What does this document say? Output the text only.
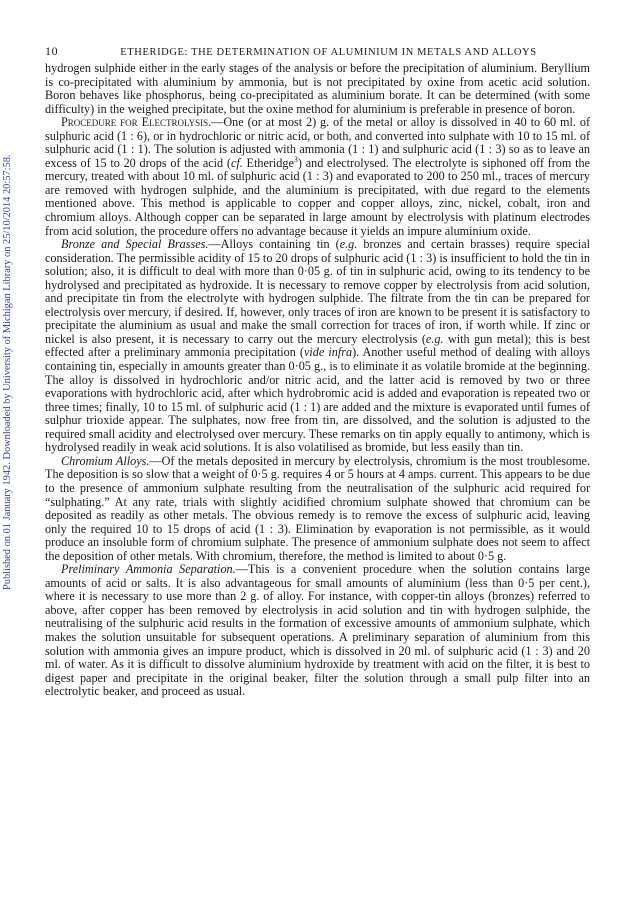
Published on 01 January 1942. Downloaded by University of Michigan Library on 25/10/2014 20:57:58.
10	ETHERIDGE: THE DETERMINATION OF ALUMINIUM IN METALS AND ALLOYS

hydrogen sulphide either in the early stages of the analysis or before the precipitation of aluminium. Beryllium is co-precipitated with aluminium by ammonia, but is not precipitated by oxine from acetic acid solution. Boron behaves like phosphorus, being co-precipitated as aluminium borate. It can be determined (with some difficulty) in the weighed precipitate, but the oxine method for aluminium is preferable in presence of boron.

Procedure for Electrolysis.—One (or at most 2) g. of the metal or alloy is dissolved in 40 to 60 ml. of sulphuric acid (1 : 6), or in hydrochloric or nitric acid, or both, and converted into sulphate with 10 to 15 ml. of sulphuric acid (1 : 1). The solution is adjusted with ammonia (1 : 1) and sulphuric acid (1 : 3) so as to leave an excess of 15 to 20 drops of the acid (cf. Etheridge$^3$) and electrolysed. The electrolyte is siphoned off from the mercury, treated with about 10 ml. of sulphuric acid (1 : 3) and evaporated to 200 to 250 ml., traces of mercury are removed with hydrogen sulphide, and the aluminium is precipitated, with due regard to the elements mentioned above. This method is applicable to copper and copper alloys, zinc, nickel, cobalt, iron and chromium alloys. Although copper can be separated in large amount by electrolysis with platinum electrodes from acid solution, the procedure offers no advantage because it yields an impure aluminium oxide.

Bronze and Special Brasses.—Alloys containing tin (e.g. bronzes and certain brasses) require special consideration. The permissible acidity of 15 to 20 drops of sulphuric acid (1 : 3) is insufficient to hold the tin in solution; also, it is difficult to deal with more than 0·05 g. of tin in sulphuric acid, owing to its tendency to be hydrolysed and precipitated as hydroxide. It is necessary to remove copper by electrolysis from acid solution, and precipitate tin from the electrolyte with hydrogen sulphide. The filtrate from the tin can be prepared for electrolysis over mercury, if desired. If, however, only traces of iron are known to be present it is satisfactory to precipitate the aluminium as usual and make the small correction for traces of iron, if worth while. If zinc or nickel is also present, it is necessary to carry out the mercury electrolysis (e.g. with gun metal); this is best effected after a preliminary ammonia precipitation (vide infra). Another useful method of dealing with alloys containing tin, especially in amounts greater than 0·05 g., is to eliminate it as volatile bromide at the beginning. The alloy is dissolved in hydrochloric and/or nitric acid, and the latter acid is removed by two or three evaporations with hydrochloric acid, after which hydrobromic acid is added and evaporation is repeated two or three times; finally, 10 to 15 ml. of sulphuric acid (1 : 1) are added and the mixture is evaporated until fumes of sulphur trioxide appear. The sulphates, now free from tin, are dissolved, and the solution is adjusted to the required small acidity and electrolysed over mercury. These remarks on tin apply equally to antimony, which is hydrolysed readily in weak acid solutions. It is also volatilised as bromide, but less easily than tin.

Chromium Alloys.—Of the metals deposited in mercury by electrolysis, chromium is the most troublesome. The deposition is so slow that a weight of 0·5 g. requires 4 or 5 hours at 4 amps. current. This appears to be due to the presence of ammonium sulphate resulting from the neutralisation of the sulphuric acid required for “sulphating.” At any rate, trials with slightly acidified chromium sulphate showed that chromium can be deposited as readily as other metals. The obvious remedy is to remove the excess of sulphuric acid, leaving only the required 10 to 15 drops of acid (1 : 3). Elimination by evaporation is not permissible, as it would produce an insoluble form of chromium sulphate. The presence of ammonium sulphate does not seem to affect the deposition of other metals. With chromium, therefore, the method is limited to about 0·5 g.

Preliminary Ammonia Separation.—This is a convenient procedure when the solution contains large amounts of acid or salts. It is also advantageous for small amounts of aluminium (less than 0·5 per cent.), where it is necessary to use more than 2 g. of alloy. For instance, with copper-tin alloys (bronzes) referred to above, after copper has been removed by electrolysis in acid solution and tin with hydrogen sulphide, the neutralising of the sulphuric acid results in the formation of excessive amounts of ammonium sulphate, which makes the solution unsuitable for subsequent operations. A preliminary separation of aluminium from this solution with ammonia gives an impure product, which is dissolved in 20 ml. of sulphuric acid (1 : 3) and 20 ml. of water. As it is difficult to dissolve aluminium hydroxide by treatment with acid on the filter, it is best to digest paper and precipitate in the original beaker, filter the solution through a small pulp filter into an electrolytic beaker, and proceed as usual.
